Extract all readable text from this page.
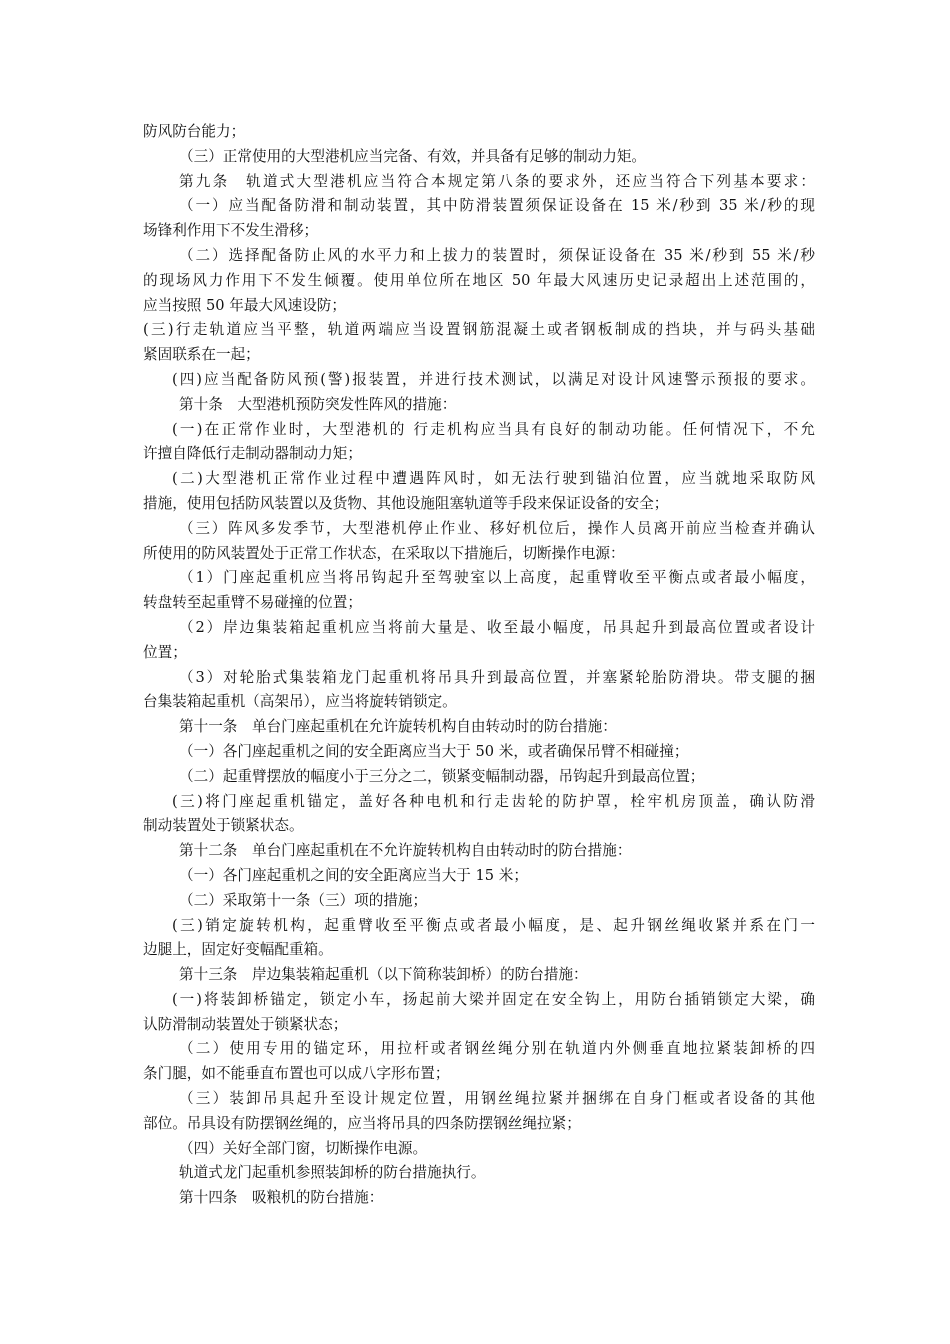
防风防台能力；
（三）正常使用的大型港机应当完备、有效，并具备有足够的制动力矩。
第九条　轨道式大型港机应当符合本规定第八条的要求外，还应当符合下列基本要求：
（一）应当配备防滑和制动装置，其中防滑装置须保证设备在 15 米/秒到 35 米/秒的现
场锋利作用下不发生滑移；
（二）选择配备防止风的水平力和上拔力的装置时，须保证设备在 35 米/秒到 55 米/秒
的现场风力作用下不发生倾覆。使用单位所在地区 50 年最大风速历史记录超出上述范围的，
应当按照 50 年最大风速设防；
(三)行走轨道应当平整，轨道两端应当设置钢筋混凝土或者钢板制成的挡块，并与码头基础
紧固联系在一起；
(四)应当配备防风预(警)报装置，并进行技术测试，以满足对设计风速警示预报的要求。
第十条　大型港机预防突发性阵风的措施：
(一)在正常作业时，大型港机的 行走机构应当具有良好的制动功能。任何情况下，不允
许擅自降低行走制动器制动力矩；
(二)大型港机正常作业过程中遭遇阵风时，如无法行驶到锚泊位置，应当就地采取防风
措施，使用包括防风装置以及货物、其他设施阻塞轨道等手段来保证设备的安全；
（三）阵风多发季节，大型港机停止作业、移好机位后，操作人员离开前应当检查并确认
所使用的防风装置处于正常工作状态，在采取以下措施后，切断操作电源：
（1）门座起重机应当将吊钩起升至驾驶室以上高度，起重臂收至平衡点或者最小幅度，
转盘转至起重臂不易碰撞的位置；
（2）岸边集装箱起重机应当将前大量是、收至最小幅度，吊具起升到最高位置或者设计
位置；
（3）对轮胎式集装箱龙门起重机将吊具升到最高位置，并塞紧轮胎防滑块。带支腿的捆
台集装箱起重机（高架吊），应当将旋转销锁定。
第十一条　单台门座起重机在允许旋转机构自由转动时的防台措施：
（一）各门座起重机之间的安全距离应当大于 50 米，或者确保吊臂不相碰撞；
（二）起重臂摆放的幅度小于三分之二，锁紧变幅制动器，吊钩起升到最高位置；
(三)将门座起重机锚定，盖好各种电机和行走齿轮的防护罩，栓牢机房顶盖，确认防滑
制动装置处于锁紧状态。
第十二条　单台门座起重机在不允许旋转机构自由转动时的防台措施：
（一）各门座起重机之间的安全距离应当大于 15 米；
（二）采取第十一条（三）项的措施；
(三)销定旋转机构，起重臂收至平衡点或者最小幅度，是、起升钢丝绳收紧并系在门一
边腿上，固定好变幅配重箱。
第十三条　岸边集装箱起重机（以下简称装卸桥）的防台措施：
(一)将装卸桥锚定，锁定小车，扬起前大梁并固定在安全钩上，用防台插销锁定大梁，确
认防滑制动装置处于锁紧状态；
（二）使用专用的锚定环，用拉杆或者钢丝绳分别在轨道内外侧垂直地拉紧装卸桥的四
条门腿，如不能垂直布置也可以成八字形布置；
（三）装卸吊具起升至设计规定位置，用钢丝绳拉紧并捆绑在自身门框或者设备的其他
部位。吊具设有防摆钢丝绳的，应当将吊具的四条防摆钢丝绳拉紧；
（四）关好全部门窗，切断操作电源。
轨道式龙门起重机参照装卸桥的防台措施执行。
第十四条　吸粮机的防台措施：
